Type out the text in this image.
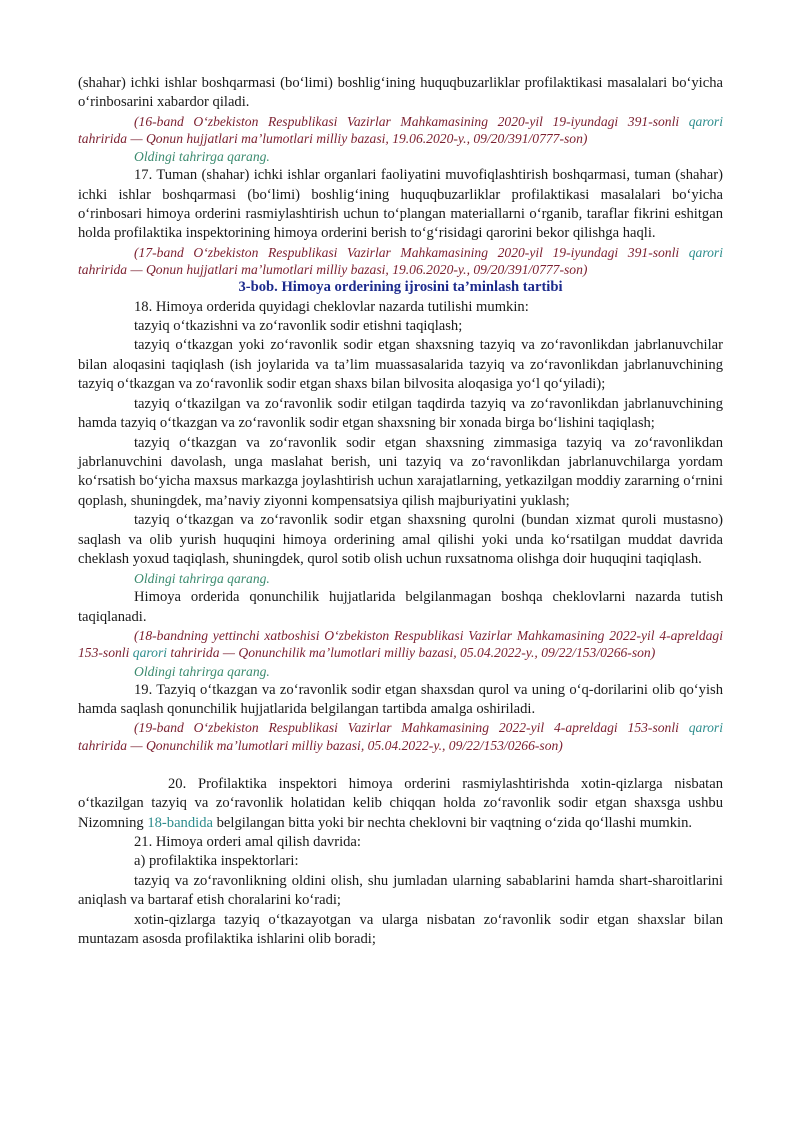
(shahar) ichki ishlar boshqarmasi (bo‘limi) boshlig‘ining huquqbuzarliklar profilaktikasi masalalari bo‘yicha o‘rinbosarini xabardor qiladi.

(16-band O‘zbekiston Respublikasi Vazirlar Mahkamasining 2020-yil 19-iyundagi 391-sonli qarori tahririda — Qonun hujjatlari ma’lumotlari milliy bazasi, 19.06.2020-y., 09/20/391/0777-son)

Oldingi tahrirga qarang.

17. Tuman (shahar) ichki ishlar organlari faoliyatini muvofiqlashtirish boshqarmasi, tuman (shahar) ichki ishlar boshqarmasi (bo‘limi) boshlig‘ining huquqbuzarliklar profilaktikasi masalalari bo‘yicha o‘rinbosari himoya orderini rasmiylashtirish uchun to‘plangan materiallarni o‘rganib, taraflar fikrini eshitgan holda profilaktika inspektorining himoya orderini berish to‘g‘risidagi qarorini bekor qilishga haqli.

(17-band O‘zbekiston Respublikasi Vazirlar Mahkamasining 2020-yil 19-iyundagi 391-sonli qarori tahririda — Qonun hujjatlari ma’lumotlari milliy bazasi, 19.06.2020-y., 09/20/391/0777-son)

3-bob. Himoya orderining ijrosini ta’minlash tartibi

18. Himoya orderida quyidagi cheklovlar nazarda tutilishi mumkin:

tazyiq o‘tkazishni va zo‘ravonlik sodir etishni taqiqlash;

tazyiq o‘tkazgan yoki zo‘ravonlik sodir etgan shaxsning tazyiq va zo‘ravonlikdan jabrlanuvchilar bilan aloqasini taqiqlash (ish joylarida va ta’lim muassasalarida tazyiq va zo‘ravonlikdan jabrlanuvchining tazyiq o‘tkazgan va zo‘ravonlik sodir etgan shaxs bilan bilvosita aloqasiga yo‘l qo‘yiladi);

tazyiq o‘tkazilgan va zo‘ravonlik sodir etilgan taqdirda tazyiq va zo‘ravonlikdan jabrlanuvchining hamda tazyiq o‘tkazgan va zo‘ravonlik sodir etgan shaxsning bir xonada birga bo‘lishini taqiqlash;

tazyiq o‘tkazgan va zo‘ravonlik sodir etgan shaxsning zimmasiga tazyiq va zo‘ravonlikdan jabrlanuvchini davolash, unga maslahat berish, uni tazyiq va zo‘ravonlikdan jabrlanuvchilarga yordam ko‘rsatish bo‘yicha maxsus markazga joylashtirish uchun xarajatlarning, yetkazilgan moddiy zararning o‘rnini qoplash, shuningdek, ma’naviy ziyonni kompensatsiya qilish majburiyatini yuklash;

tazyiq o‘tkazgan va zo‘ravonlik sodir etgan shaxsning qurolni (bundan xizmat quroli mustasno) saqlash va olib yurish huquqini himoya orderining amal qilishi yoki unda ko‘rsatilgan muddat davrida cheklash yoxud taqiqlash, shuningdek, qurol sotib olish uchun ruxsatnoma olishga doir huquqini taqiqlash.

Oldingi tahrirga qarang.

Himoya orderida qonunchilik hujjatlarida belgilanmagan boshqa cheklovlarni nazarda tutish taqiqlanadi.

(18-bandning yettinchi xatboshisi O‘zbekiston Respublikasi Vazirlar Mahkamasining 2022-yil 4-apreldagi 153-sonli qarori tahririda — Qonunchilik ma’lumotlari milliy bazasi, 05.04.2022-y., 09/22/153/0266-son)

Oldingi tahrirga qarang.

19. Tazyiq o‘tkazgan va zo‘ravonlik sodir etgan shaxsdan qurol va uning o‘q-dorilarini olib qo‘yish hamda saqlash qonunchilik hujjatlarida belgilangan tartibda amalga oshiriladi.

(19-band O‘zbekiston Respublikasi Vazirlar Mahkamasining 2022-yil 4-apreldagi 153-sonli qarori tahririda — Qonunchilik ma’lumotlari milliy bazasi, 05.04.2022-y., 09/22/153/0266-son)

20. Profilaktika inspektori himoya orderini rasmiylashtirishda xotin-qizlarga nisbatan o‘tkazilgan tazyiq va zo‘ravonlik holatidan kelib chiqqan holda zo‘ravonlik sodir etgan shaxsga ushbu Nizomning 18-bandida belgilangan bitta yoki bir nechta cheklovni bir vaqtning o‘zida qo‘llashi mumkin.

21. Himoya orderi amal qilish davrida:

a) profilaktika inspektorlari:

tazyiq va zo‘ravonlikning oldini olish, shu jumladan ularning sabablarini hamda shart-sharoitlarini aniqlash va bartaraf etish choralarini ko‘radi;

xotin-qizlarga tazyiq o‘tkazayotgan va ularga nisbatan zo‘ravonlik sodir etgan shaxslar bilan muntazam asosda profilaktika ishlarini olib boradi;
